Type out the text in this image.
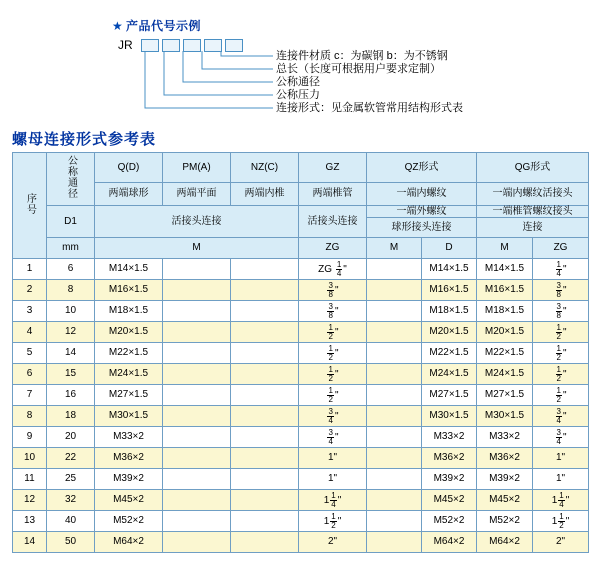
★ 产品代号示例
JR
连接件材质 c：为碳钢 b：为不锈钢
总长（长度可根据用户要求定制）
公称通径
公称压力
连接形式：见金属软管常用结构形式表
螺母连接形式参考表
序号	公称通径	Q(D)	PM(A)	NZ(C)	GZ	QZ形式		QG形式	
		两端球形	两端平面	两端内椎	两端椎管	一端内螺纹		一端内螺纹活接头	
	D1	活接头连接			活接头连接	一端外螺纹		一端椎管螺纹接头	
						球形接头连接		连接	
	mm	M			ZG	M	D	M	ZG
1	6	M14×1.5			ZG $\frac{1}{4}$ "		M14×1.5	M14×1.5	$\frac{1}{4}$ "
2	8	M16×1.5			$\frac{3}{8}$ "		M16×1.5	M16×1.5	$\frac{3}{8}$ "
3	10	M18×1.5			$\frac{3}{8}$ "		M18×1.5	M18×1.5	$\frac{3}{8}$ "
4	12	M20×1.5			$\frac{1}{2}$ "		M20×1.5	M20×1.5	$\frac{1}{2}$ "
5	14	M22×1.5			$\frac{1}{2}$ "		M22×1.5	M22×1.5	$\frac{1}{2}$ "
6	15	M24×1.5			$\frac{1}{2}$ "		M24×1.5	M24×1.5	$\frac{1}{2}$ "
7	16	M27×1.5			$\frac{1}{2}$ "		M27×1.5	M27×1.5	$\frac{1}{2}$ "
8	18	M30×1.5			$\frac{3}{4}$ "		M30×1.5	M30×1.5	$\frac{3}{4}$ "
9	20	M33×2			$\frac{3}{4}$ "		M33×2	M33×2	$\frac{3}{4}$ "
10	22	M36×2			1"		M36×2	M36×2	1"
11	25	M39×2			1"		M39×2	M39×2	1"
12	32	M45×2			$1 \frac{1}{4}$ "		M45×2	M45×2	$1 \frac{1}{4}$ "
13	40	M52×2			$1 \frac{1}{2}$ "		M52×2	M52×2	$1 \frac{1}{2}$ "
14	50	M64×2			2"		M64×2	M64×2	2"
